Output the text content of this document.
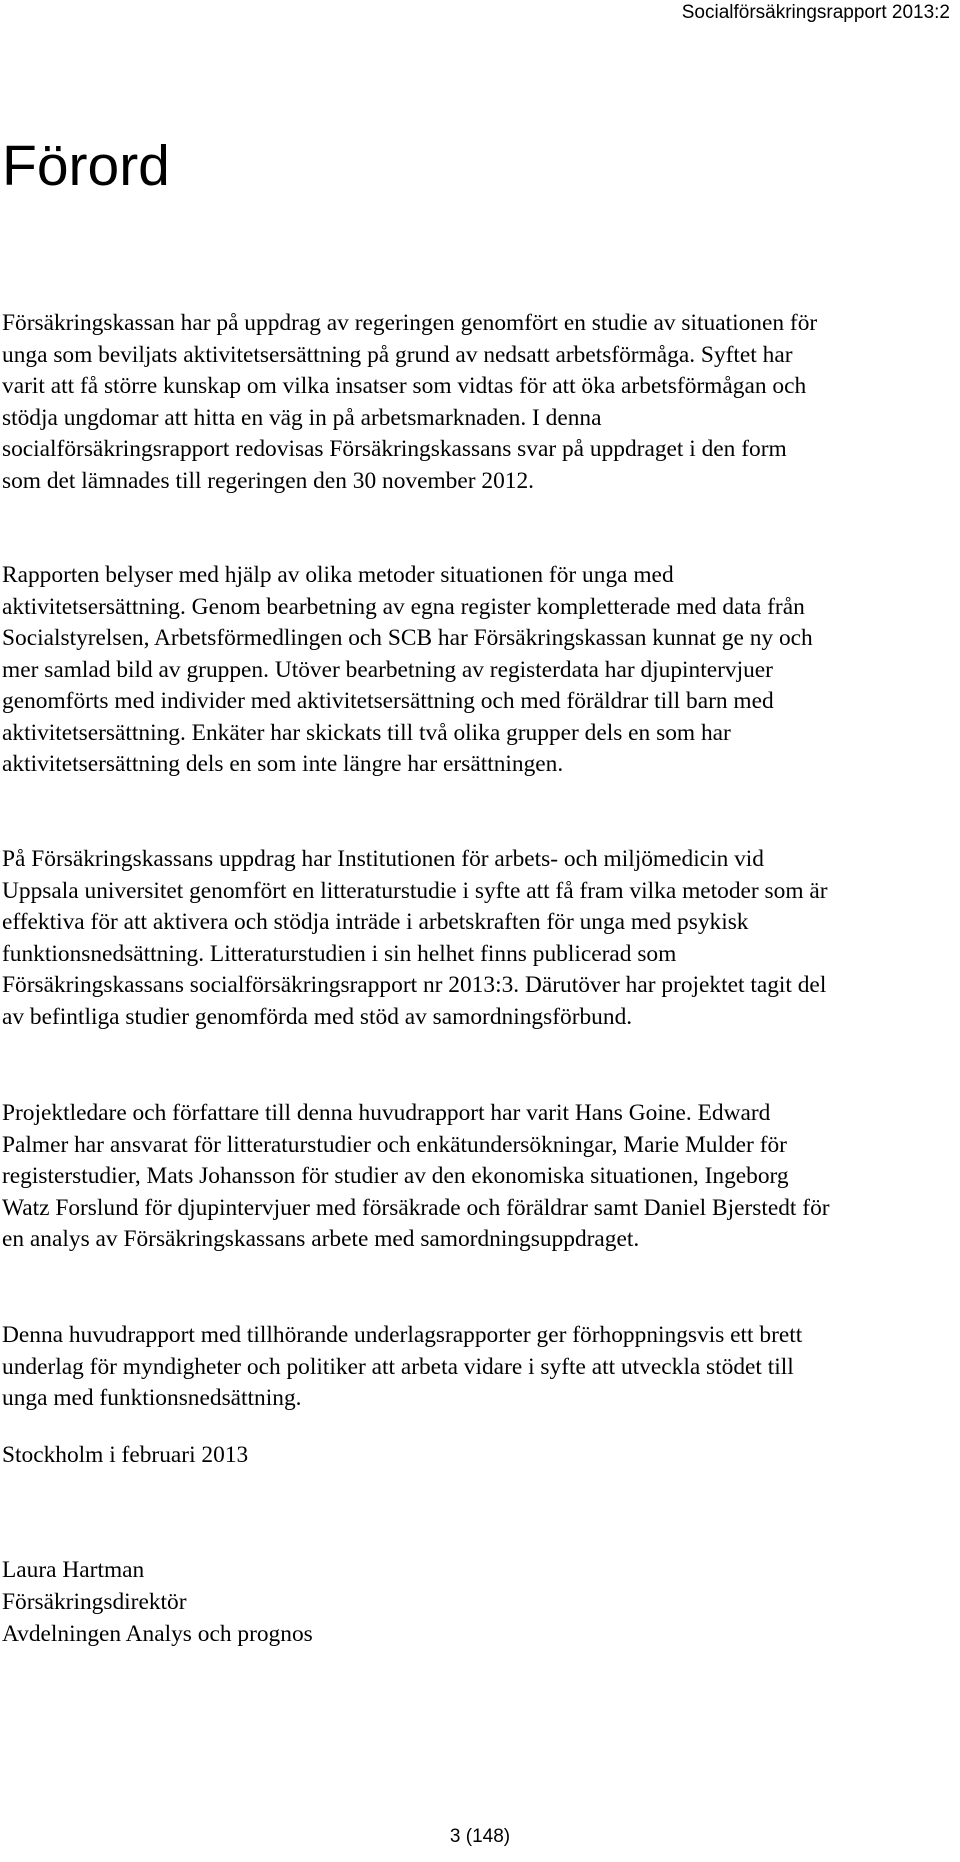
Socialförsäkringsrapport 2013:2
Förord

Försäkringskassan har på uppdrag av regeringen genomfört en studie av situationen för unga som beviljats aktivitetsersättning på grund av nedsatt arbetsförmåga. Syftet har varit att få större kunskap om vilka insatser som vidtas för att öka arbetsförmågan och stödja ungdomar att hitta en väg in på arbetsmarknaden. I denna socialförsäkringsrapport redovisas Försäkringskassans svar på uppdraget i den form som det lämnades till regeringen den 30 november 2012.

Rapporten belyser med hjälp av olika metoder situationen för unga med aktivitetsersättning. Genom bearbetning av egna register kompletterade med data från Socialstyrelsen, Arbetsförmedlingen och SCB har Försäkringskassan kunnat ge ny och mer samlad bild av gruppen. Utöver bearbetning av registerdata har djupintervjuer genomförts med individer med aktivitetsersättning och med föräldrar till barn med aktivitetsersättning. Enkäter har skickats till två olika grupper dels en som har aktivitetsersättning dels en som inte längre har ersättningen.

På Försäkringskassans uppdrag har Institutionen för arbets- och miljömedicin vid Uppsala universitet genomfört en litteraturstudie i syfte att få fram vilka metoder som är effektiva för att aktivera och stödja inträde i arbetskraften för unga med psykisk funktionsnedsättning. Litteraturstudien i sin helhet finns publicerad som Försäkringskassans socialförsäkringsrapport nr 2013:3. Därutöver har projektet tagit del av befintliga studier genomförda med stöd av samordningsförbund.

Projektledare och författare till denna huvudrapport har varit Hans Goine. Edward Palmer har ansvarat för litteraturstudier och enkätundersökningar, Marie Mulder för registerstudier, Mats Johansson för studier av den ekonomiska situationen, Ingeborg Watz Forslund för djupintervjuer med försäkrade och föräldrar samt Daniel Bjerstedt för en analys av Försäkringskassans arbete med samordningsuppdraget.

Denna huvudrapport med tillhörande underlagsrapporter ger förhoppningsvis ett brett underlag för myndigheter och politiker att arbeta vidare i syfte att utveckla stödet till unga med funktionsnedsättning.

Stockholm i februari 2013

Laura Hartman

Försäkringsdirektör

Avdelningen Analys och prognos

3 (148)
